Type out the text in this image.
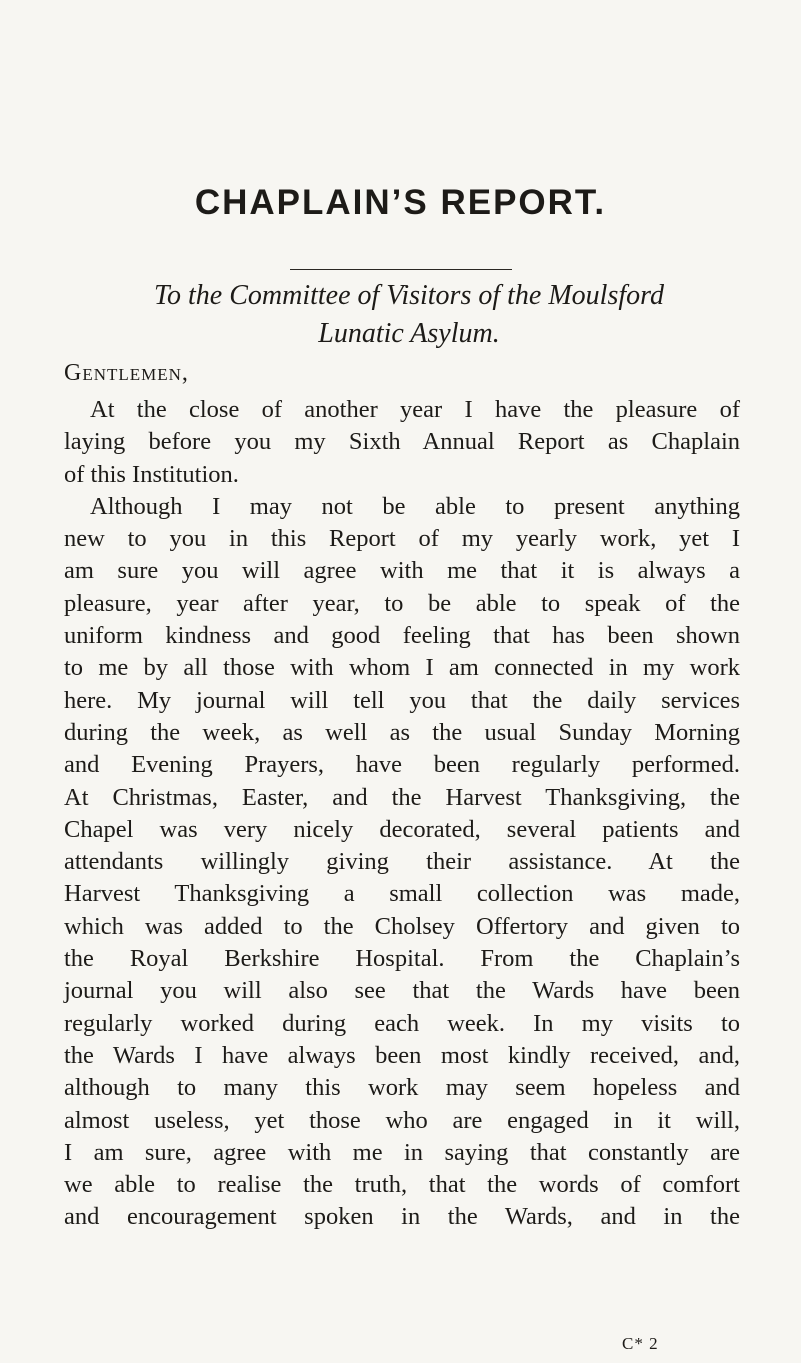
CHAPLAIN’S REPORT.
To the Committee of Visitors of the Moulsford
Lunatic Asylum.
Gentlemen,
At the close of another year I have the pleasure of
laying before you my Sixth Annual Report as Chaplain
of this Institution.
Although I may not be able to present anything
new to you in this Report of my yearly work, yet I
am sure you will agree with me that it is always a
pleasure, year after year, to be able to speak of the
uniform kindness and good feeling that has been shown
to me by all those with whom I am connected in my work
here. My journal will tell you that the daily services
during the week, as well as the usual Sunday Morning
and Evening Prayers, have been regularly performed.
At Christmas, Easter, and the Harvest Thanksgiving, the
Chapel was very nicely decorated, several patients and
attendants willingly giving their assistance. At the
Harvest Thanksgiving a small collection was made,
which was added to the Cholsey Offertory and given to
the Royal Berkshire Hospital. From the Chaplain’s
journal you will also see that the Wards have been
regularly worked during each week. In my visits to
the Wards I have always been most kindly received, and,
although to many this work may seem hopeless and
almost useless, yet those who are engaged in it will,
I am sure, agree with me in saying that constantly are
we able to realise the truth, that the words of comfort
and encouragement spoken in the Wards, and in the
C* 2
